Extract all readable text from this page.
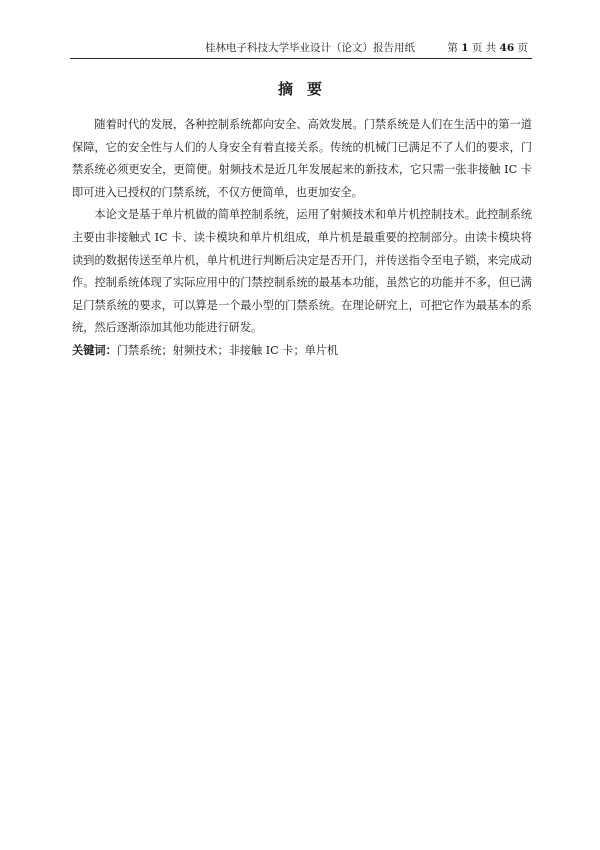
桂林电子科技大学毕业设计（论文）报告用纸	第 1 页 共 46 页
摘要

随着时代的发展，各种控制系统都向安全、高效发展。门禁系统是人们在生活中的第一道保障，它的安全性与人们的人身安全有着直接关系。传统的机械门已满足不了人们的要求，门禁系统必须更安全，更简便。射频技术是近几年发展起来的新技术，它只需一张非接触 IC 卡即可进入已授权的门禁系统，不仅方便简单，也更加安全。

本论文是基于单片机做的简单控制系统，运用了射频技术和单片机控制技术。此控制系统主要由非接触式 IC 卡、读卡模块和单片机组成，单片机是最重要的控制部分。由读卡模块将读到的数据传送至单片机，单片机进行判断后决定是否开门，并传送指令至电子锁，来完成动作。控制系统体现了实际应用中的门禁控制系统的最基本功能，虽然它的功能并不多，但已满足门禁系统的要求，可以算是一个最小型的门禁系统。在理论研究上，可把它作为最基本的系统，然后逐渐添加其他功能进行研发。

关键词：门禁系统；射频技术；非接触 IC 卡；单片机
